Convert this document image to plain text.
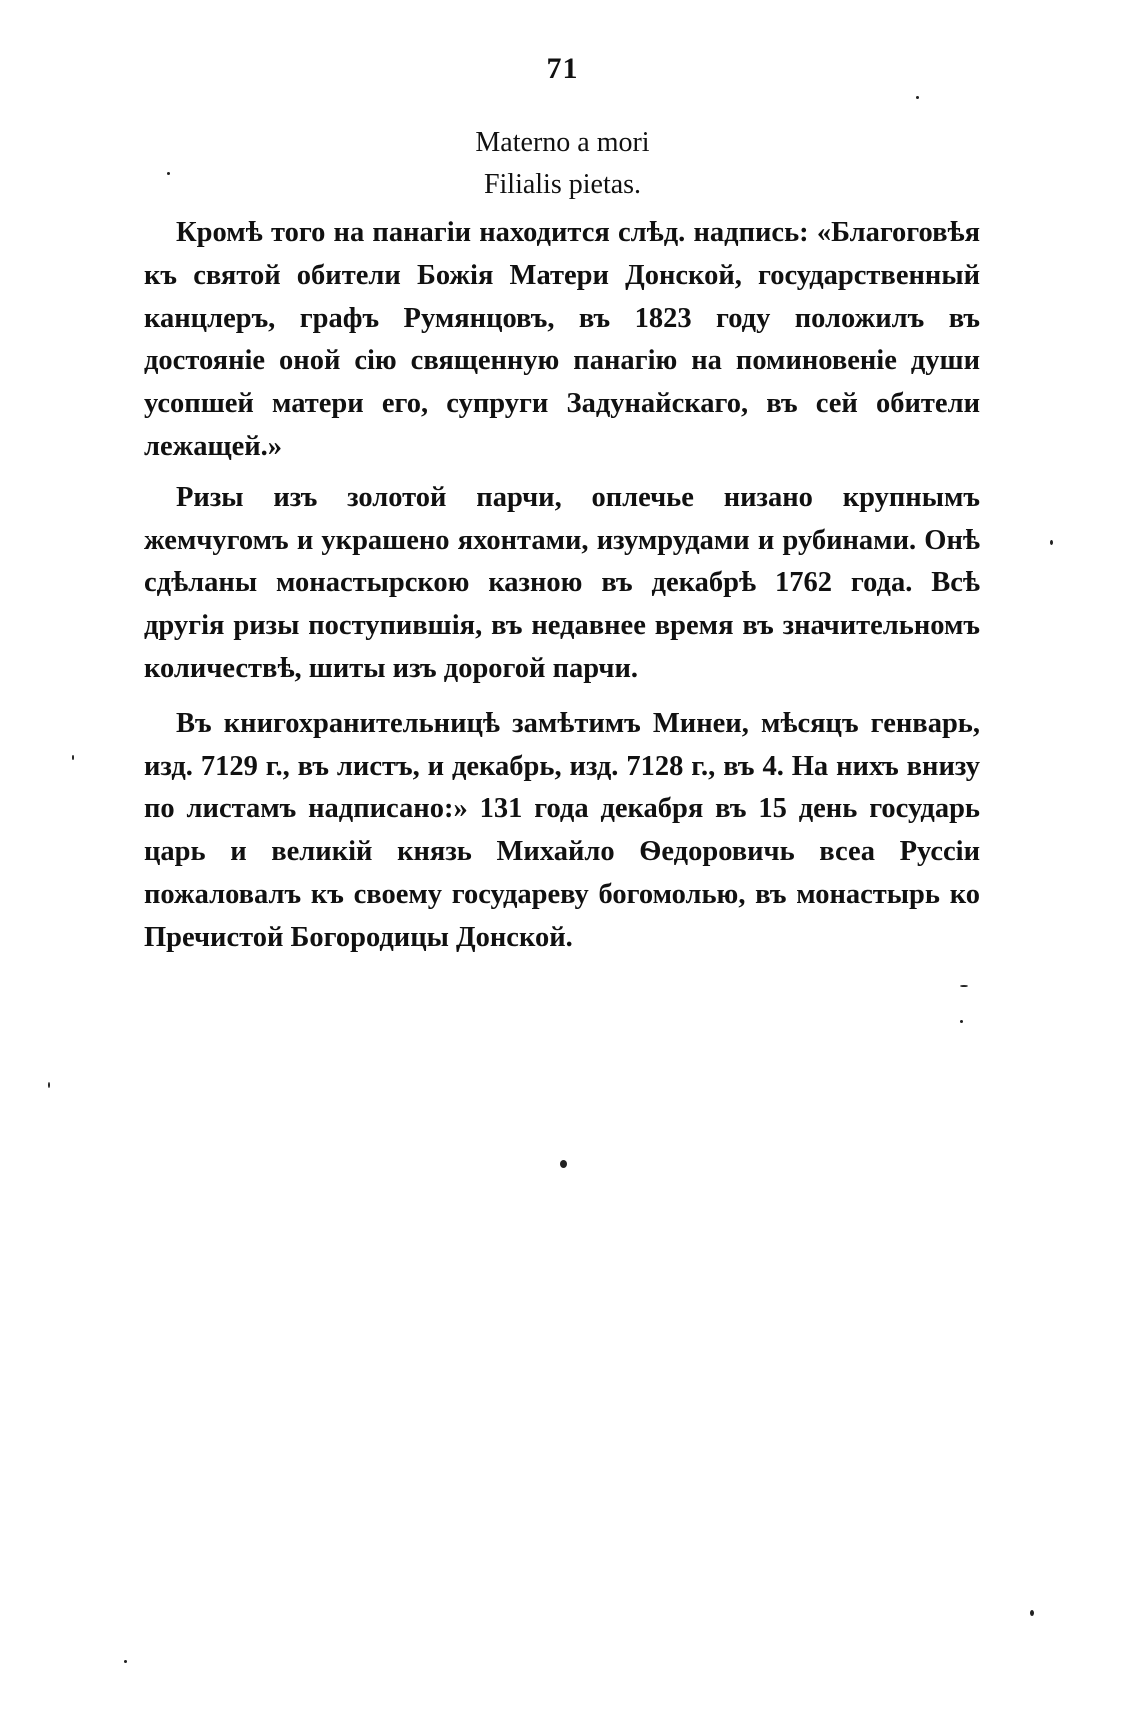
71
Materno a mori
Filialis pietas.

Кромѣ того на панагіи находится слѣд. надпись: «Благоговѣя къ святой обители Божія Матери Донской, государственный канцлеръ, графъ Румянцовъ, въ 1823 году положилъ въ достояніе оной сію священную панагію на поминовеніе души усопшей матери его, супруги Задунайскаго, въ сей обители лежащей.»

Ризы изъ золотой парчи, оплечье низано крупнымъ жемчугомъ и украшено яхонтами, изумрудами и рубинами. Онѣ сдѣланы монастырскою казною въ декабрѣ 1762 года. Всѣ другія ризы поступившія, въ недавнее время въ значительномъ количествѣ, шиты изъ дорогой парчи.

Въ книгохранительницѣ замѣтимъ Минеи, мѣсяцъ генварь, изд. 7129 г., въ листъ, и декабрь, изд. 7128 г., въ 4. На нихъ внизу по листамъ надписано:» 131 года декабря въ 15 день государь царь и великій князь Михайло Ѳедоровичь всеа Руссіи пожаловалъ къ своему государеву богомолью, въ монастырь ко Пречистой Богородицы Донской.
